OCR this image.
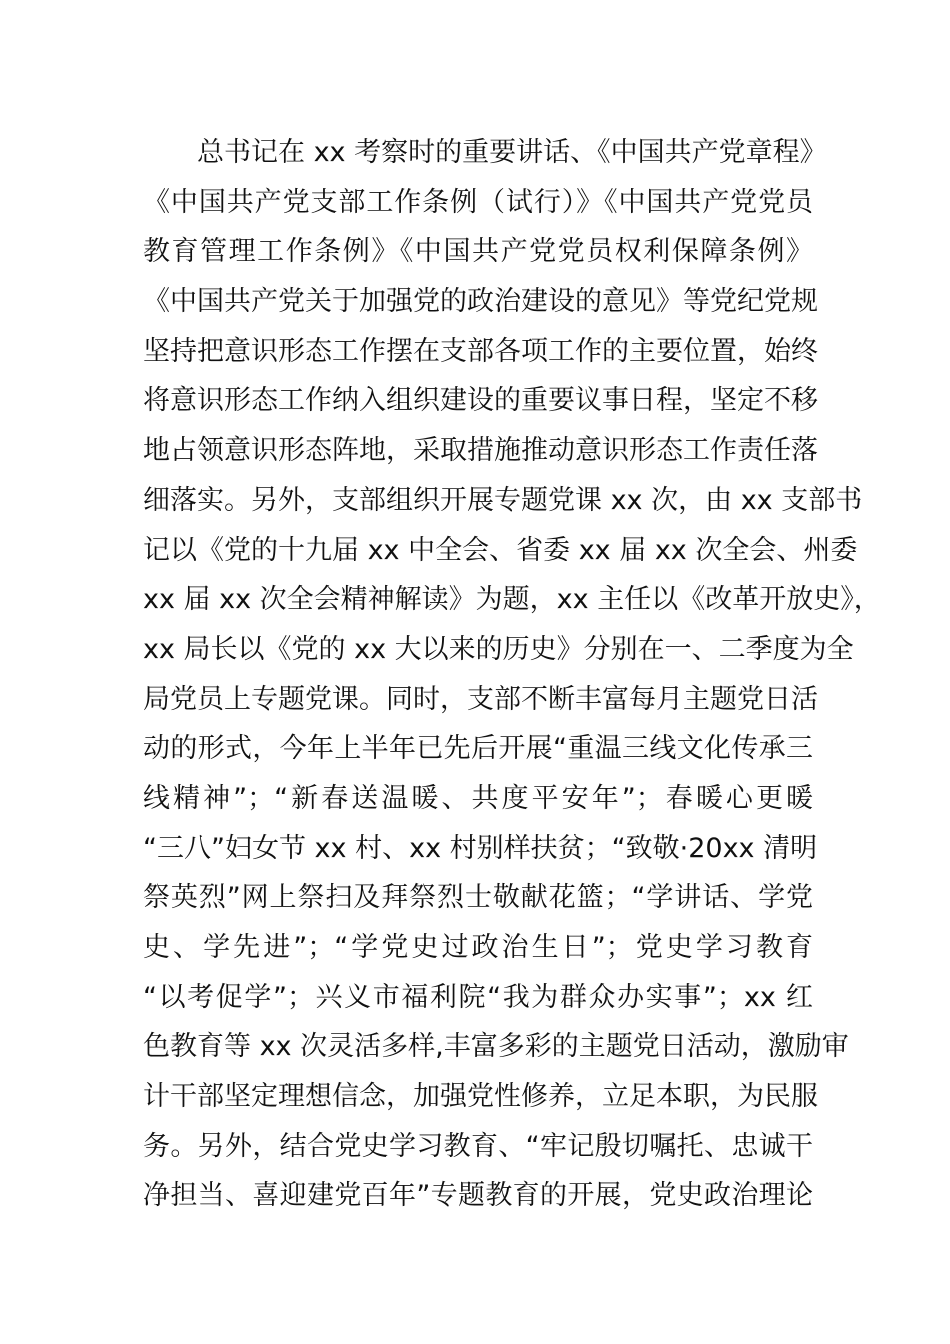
总书记在 xx 考察时的重要讲话、《中国共产党章程》
《中国共产党支部工作条例（试行）》《中国共产党党员
教育管理工作条例》《中国共产党党员权利保障条例》
《中国共产党关于加强党的政治建设的意见》等党纪党规
坚持把意识形态工作摆在支部各项工作的主要位置，始终
将意识形态工作纳入组织建设的重要议事日程，坚定不移
地占领意识形态阵地，采取措施推动意识形态工作责任落
细落实。另外，支部组织开展专题党课 xx 次，由 xx 支部书
记以《党的十九届 xx 中全会、省委 xx 届 xx 次全会、州委
xx 届 xx 次全会精神解读》为题，xx 主任以《改革开放史》，
xx 局长以《党的 xx 大以来的历史》分别在一、二季度为全
局党员上专题党课。同时，支部不断丰富每月主题党日活
动的形式，今年上半年已先后开展“重温三线文化传承三
线精神”；“新春送温暖、共度平安年”；春暖心更暖
“三八”妇女节 xx 村、xx 村别样扶贫；“致敬·20xx 清明
祭英烈”网上祭扫及拜祭烈士敬献花篮；“学讲话、学党
史、学先进”；“学党史过政治生日”；党史学习教育
“以考促学”；兴义市福利院“我为群众办实事”；xx 红
色教育等 xx 次灵活多样,丰富多彩的主题党日活动，激励审
计干部坚定理想信念，加强党性修养，立足本职，为民服
务。另外，结合党史学习教育、“牢记殷切嘱托、忠诚干
净担当、喜迎建党百年”专题教育的开展，党史政治理论
